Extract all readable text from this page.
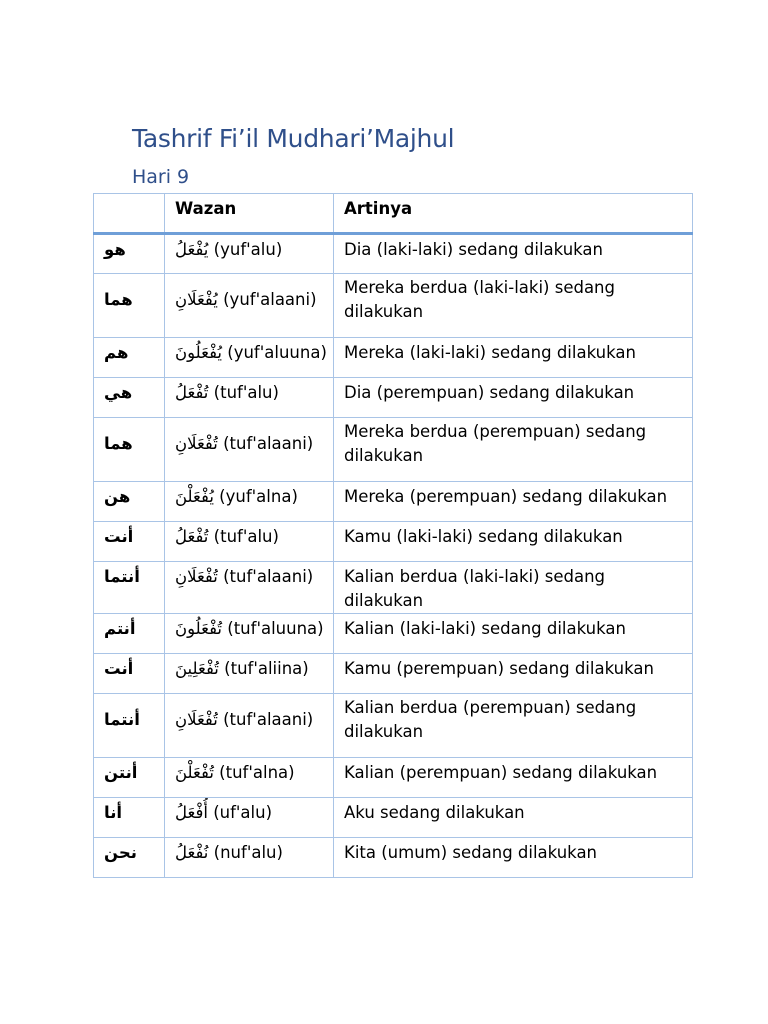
Tashrif Fi’il Mudhari’Majhul
Hari 9
	Wazan	Artinya
هو	يُفْعَلُ (yuf'alu)	Dia (laki-laki) sedang dilakukan
هما	يُفْعَلَانِ (yuf'alaani)	Mereka berdua (laki-laki) sedang dilakukan
هم	يُفْعَلُونَ (yuf'aluuna)	Mereka (laki-laki) sedang dilakukan
هي	تُفْعَلُ (tuf'alu)	Dia (perempuan) sedang dilakukan
هما	تُفْعَلَانِ (tuf'alaani)	Mereka berdua (perempuan) sedang dilakukan
هن	يُفْعَلْنَ (yuf'alna)	Mereka (perempuan) sedang dilakukan
أنت	تُفْعَلُ (tuf'alu)	Kamu (laki-laki) sedang dilakukan
أنتما	تُفْعَلَانِ (tuf'alaani)	Kalian berdua (laki-laki) sedang dilakukan
أنتم	تُفْعَلُونَ (tuf'aluuna)	Kalian (laki-laki) sedang dilakukan
أنت	تُفْعَلِينَ (tuf'aliina)	Kamu (perempuan) sedang dilakukan
أنتما	تُفْعَلَانِ (tuf'alaani)	Kalian berdua (perempuan) sedang dilakukan
أنتن	تُفْعَلْنَ (tuf'alna)	Kalian (perempuan) sedang dilakukan
أنا	أُفْعَلُ (uf'alu)	Aku sedang dilakukan
نحن	نُفْعَلُ (nuf'alu)	Kita (umum) sedang dilakukan
